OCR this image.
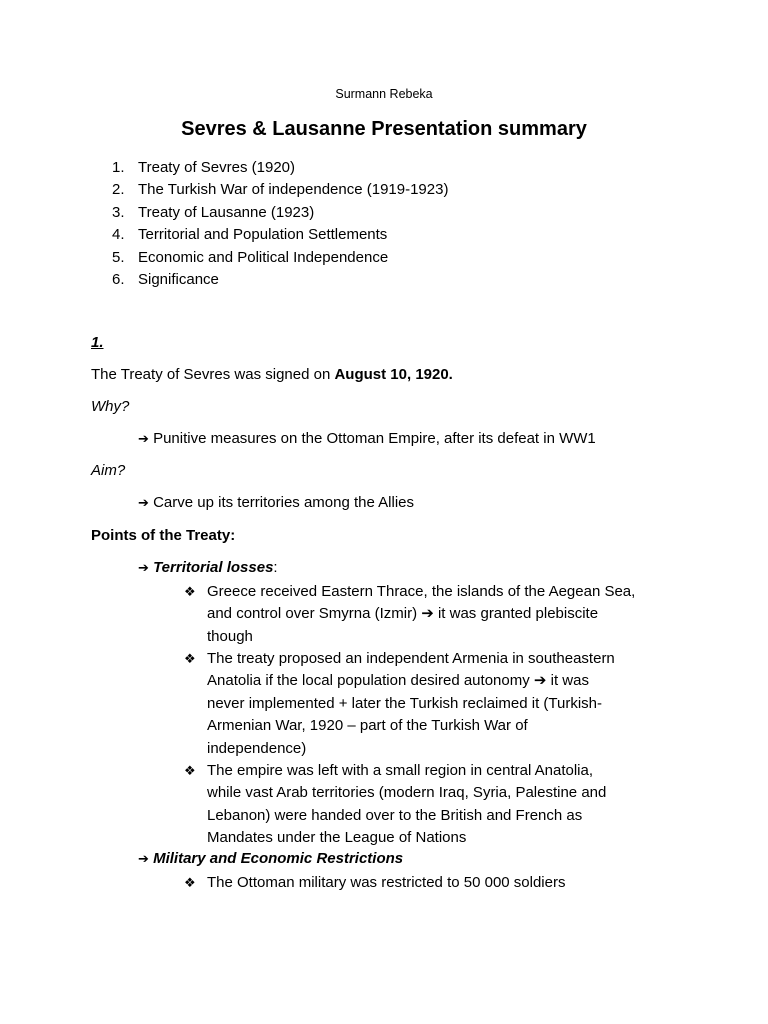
Surmann Rebeka
Sevres & Lausanne Presentation summary
1. Treaty of Sevres (1920)
2. The Turkish War of independence (1919-1923)
3. Treaty of Lausanne (1923)
4. Territorial and Population Settlements
5. Economic and Political Independence
6. Significance
1.
The Treaty of Sevres was signed on August 10, 1920.
Why?
➔ Punitive measures on the Ottoman Empire, after its defeat in WW1
Aim?
➔ Carve up its territories among the Allies
Points of the Treaty:
➔ Territorial losses:
❖ Greece received Eastern Thrace, the islands of the Aegean Sea,
and control over Smyrna (Izmir) ➔ it was granted plebiscite
though
❖ The treaty proposed an independent Armenia in southeastern
Anatolia if the local population desired autonomy ➔ it was
never implemented + later the Turkish reclaimed it (Turkish-
Armenian War, 1920 – part of the Turkish War of
independence)
❖ The empire was left with a small region in central Anatolia,
while vast Arab territories (modern Iraq, Syria, Palestine and
Lebanon) were handed over to the British and French as
Mandates under the League of Nations
➔ Military and Economic Restrictions
❖ The Ottoman military was restricted to 50 000 soldiers
